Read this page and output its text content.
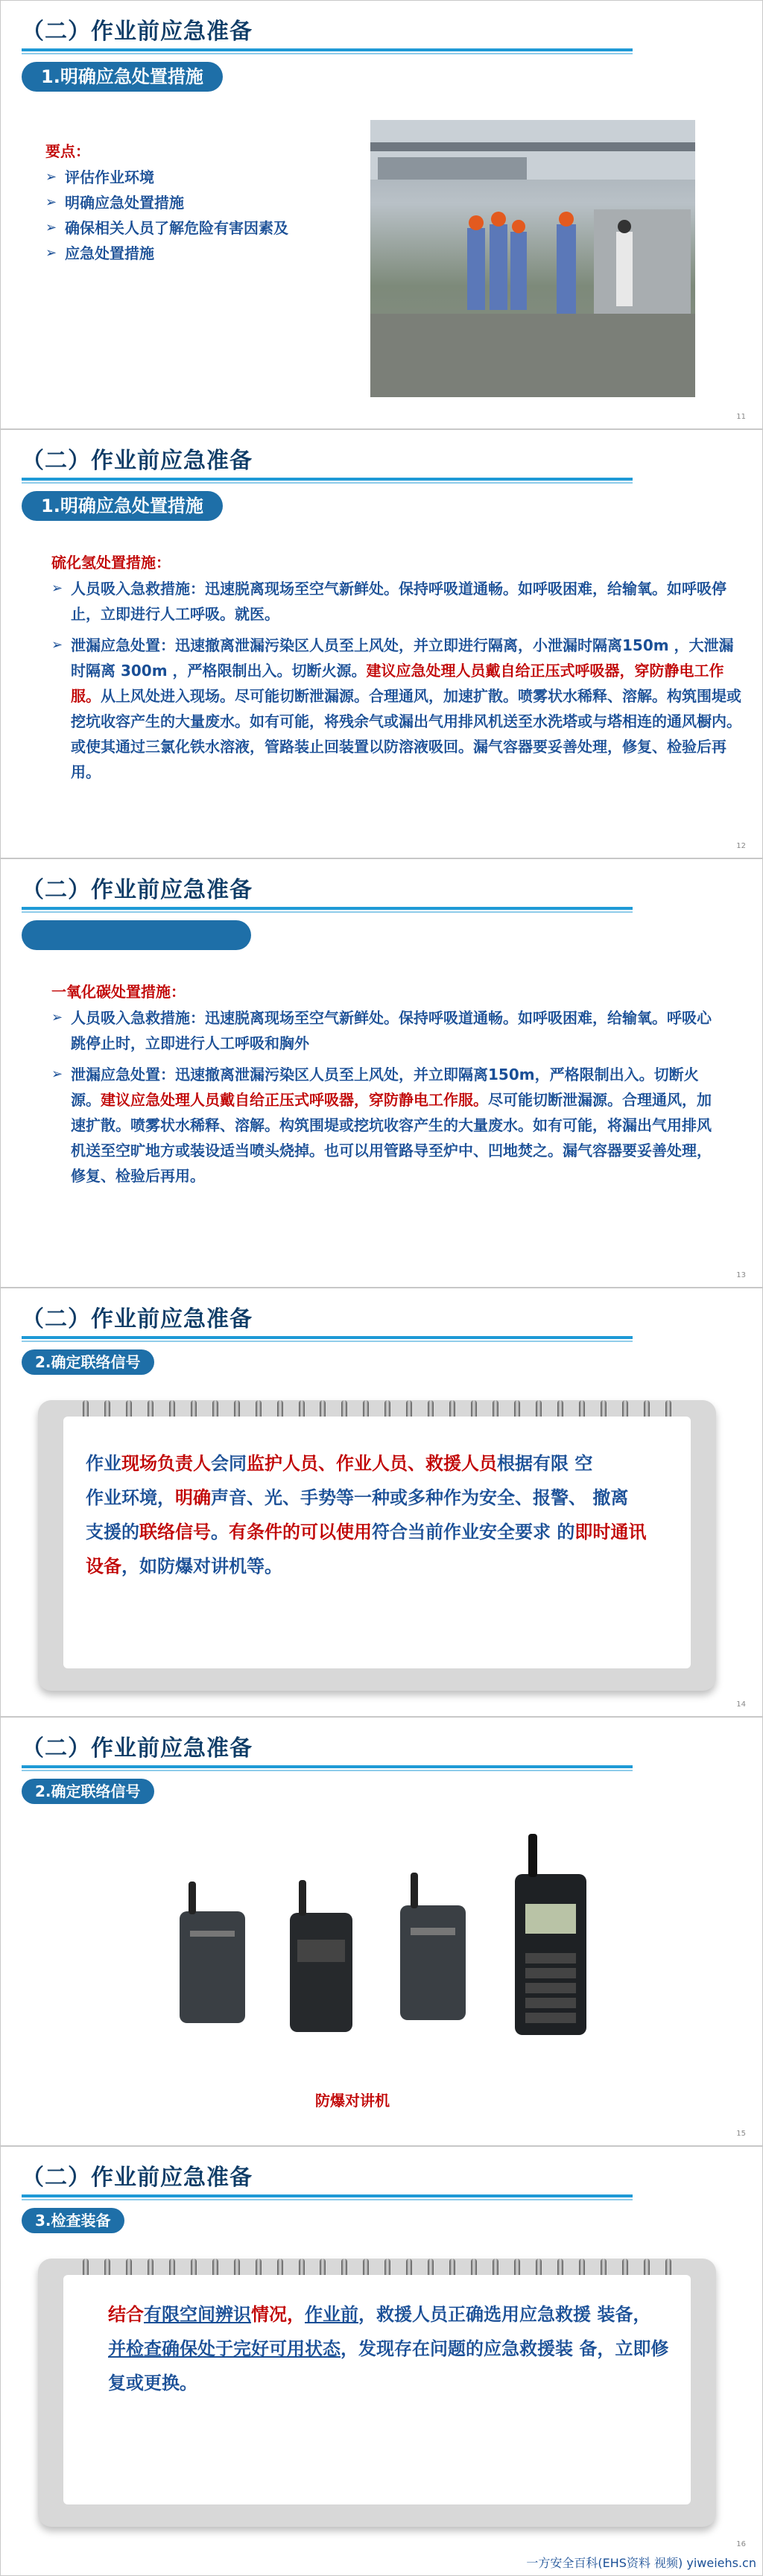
（二）作业前应急准备
1.明确应急处置措施
要点：
➢ 评估作业环境
➢ 明确应急处置措施
➢ 确保相关人员了解危险有害因素及
➢ 应急处置措施
11
（二）作业前应急准备
1.明确应急处置措施
硫化氢处置措施：
➢ 人员吸入急救措施：迅速脱离现场至空气新鲜处。保持呼吸道通畅。如呼吸困难，给输氧。如呼吸停止，立即进行人工呼吸。就医。
➢ 泄漏应急处置：迅速撤离泄漏污染区人员至上风处，并立即进行隔离，小泄漏时隔离150m ，大泄漏时隔离 300m ，严格限制出入。切断火源。建议应急处理人员戴自给正压式呼吸器，穿防静电工作服。从上风处进入现场。尽可能切断泄漏源。合理通风，加速扩散。喷雾状水稀释、溶解。构筑围堤或挖坑收容产生的大量废水。如有可能，将残余气或漏出气用排风机送至水洗塔或与塔相连的通风橱内。或使其通过三氯化铁水溶液，管路装止回装置以防溶液吸回。漏气容器要妥善处理，修复、检验后再用。
12
（二）作业前应急准备
一氧化碳处置措施：
➢ 人员吸入急救措施：迅速脱离现场至空气新鲜处。保持呼吸道通畅。如呼吸困难，给输氧。呼吸心跳停止时，立即进行人工呼吸和胸外
➢ 泄漏应急处置：迅速撤离泄漏污染区人员至上风处，并立即隔离150m，严格限制出入。切断火源。建议应急处理人员戴自给正压式呼吸器，穿防静电工作服。尽可能切断泄漏源。合理通风，加速扩散。喷雾状水稀释、溶解。构筑围堤或挖坑收容产生的大量废水。如有可能，将漏出气用排风机送至空旷地方或装设适当喷头烧掉。也可以用管路导至炉中、凹地焚之。漏气容器要妥善处理，修复、检验后再用。
13
（二）作业前应急准备
2.确定联络信号
作业现场负责人会同监护人员、作业人员、救援人员根据有限 空
作业环境，明确声音、光、手势等一种或多种作为安全、报警、 撤离
支援的联络信号。有条件的可以使用符合当前作业安全要求 的即时通讯
设备，如防爆对讲机等。
14
（二）作业前应急准备
2.确定联络信号
防爆对讲机
15
（二）作业前应急准备
3.检查装备
结合有限空间辨识情况，作业前，救援人员正确选用应急救援 装备，
并检查确保处于完好可用状态，发现存在问题的应急救援装 备，立即修
复或更换。
16
一方安全百科(EHS资料 视频) yiweiehs.cn
